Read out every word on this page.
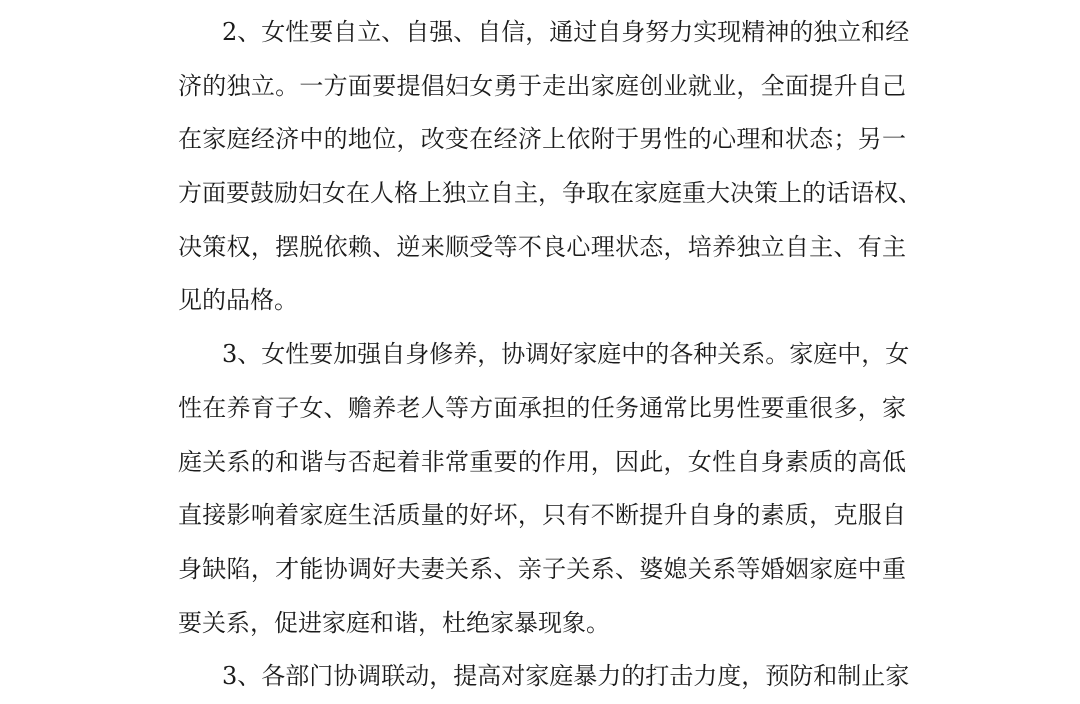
2、女性要自立、自强、自信，通过自身努力实现精神的独立和经
济的独立。一方面要提倡妇女勇于走出家庭创业就业，全面提升自己
在家庭经济中的地位，改变在经济上依附于男性的心理和状态；另一
方面要鼓励妇女在人格上独立自主，争取在家庭重大决策上的话语权、
决策权，摆脱依赖、逆来顺受等不良心理状态，培养独立自主、有主
见的品格。
3、女性要加强自身修养，协调好家庭中的各种关系。家庭中，女
性在养育子女、赡养老人等方面承担的任务通常比男性要重很多，家
庭关系的和谐与否起着非常重要的作用，因此，女性自身素质的高低
直接影响着家庭生活质量的好坏，只有不断提升自身的素质，克服自
身缺陷，才能协调好夫妻关系、亲子关系、婆媳关系等婚姻家庭中重
要关系，促进家庭和谐，杜绝家暴现象。
3、各部门协调联动，提高对家庭暴力的打击力度，预防和制止家
